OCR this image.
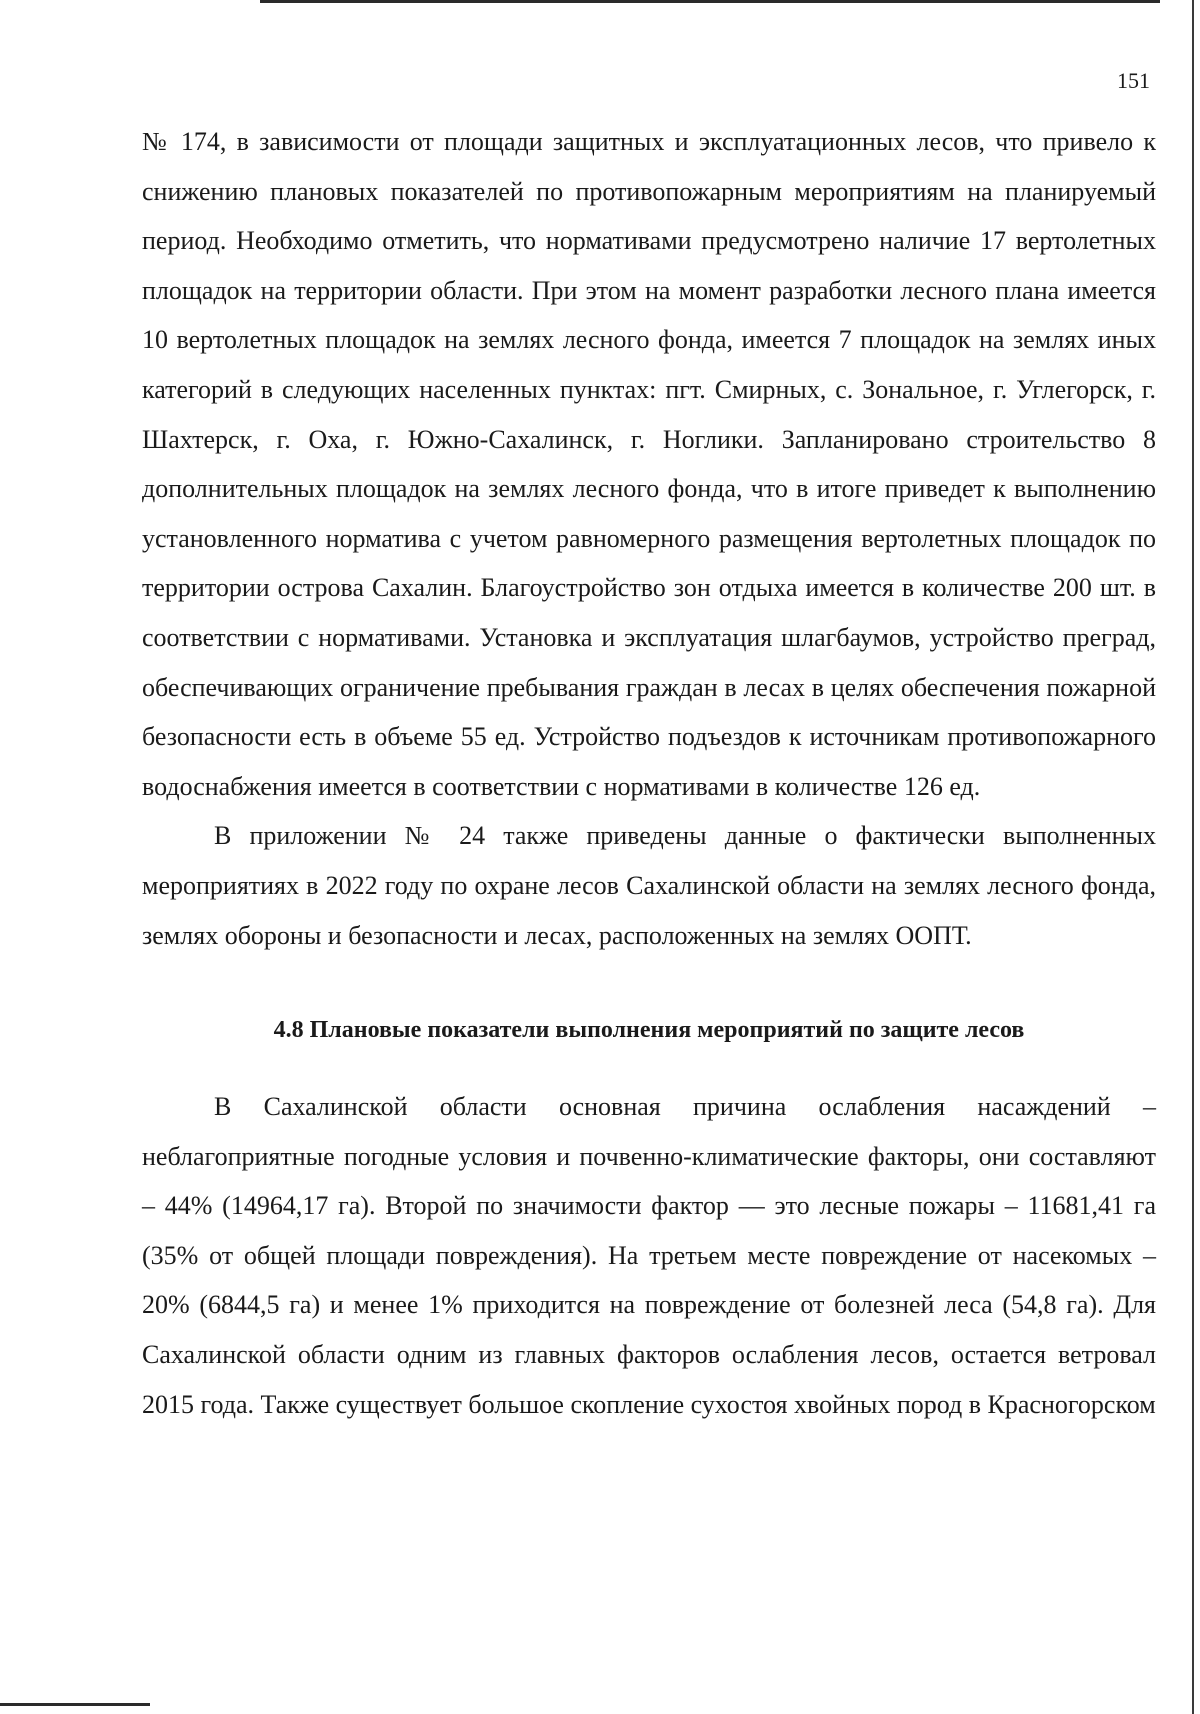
151

№ 174, в зависимости от площади защитных и эксплуатационных лесов, что привело к снижению плановых показателей по противопожарным мероприятиям на планируемый период. Необходимо отметить, что нормативами предусмотрено наличие 17 вертолетных площадок на территории области. При этом на момент разработки лесного плана имеется 10 вертолетных площадок на землях лесного фонда, имеется 7 площадок на землях иных категорий в следующих населенных пунктах: пгт. Смирных, с. Зональное, г. Углегорск, г. Шахтерск, г. Оха, г. Южно-Сахалинск, г. Ноглики. Запланировано строительство 8 дополнительных площадок на землях лесного фонда, что в итоге приведет к выполнению установленного норматива с учетом равномерного размещения вертолетных площадок по территории острова Сахалин. Благоустройство зон отдыха имеется в количестве 200 шт. в соответствии с нормативами. Установка и эксплуатация шлагбаумов, устройство преград, обеспечивающих ограничение пребывания граждан в лесах в целях обеспечения пожарной безопасности есть в объеме 55 ед. Устройство подъездов к источникам противопожарного водоснабжения имеется в соответствии с нормативами в количестве 126 ед.

В приложении № 24 также приведены данные о фактически выполненных мероприятиях в 2022 году по охране лесов Сахалинской области на землях лесного фонда, землях обороны и безопасности и лесах, расположенных на землях ООПТ.

4.8 Плановые показатели выполнения мероприятий по защите лесов

В Сахалинской области основная причина ослабления насаждений – неблагоприятные погодные условия и почвенно-климатические факторы, они составляют – 44% (14964,17 га). Второй по значимости фактор — это лесные пожары – 11681,41 га (35% от общей площади повреждения). На третьем месте повреждение от насекомых – 20% (6844,5 га) и менее 1% приходится на повреждение от болезней леса (54,8 га). Для Сахалинской области одним из главных факторов ослабления лесов, остается ветровал 2015 года. Также существует большое скопление сухостоя хвойных пород в Красногорском
